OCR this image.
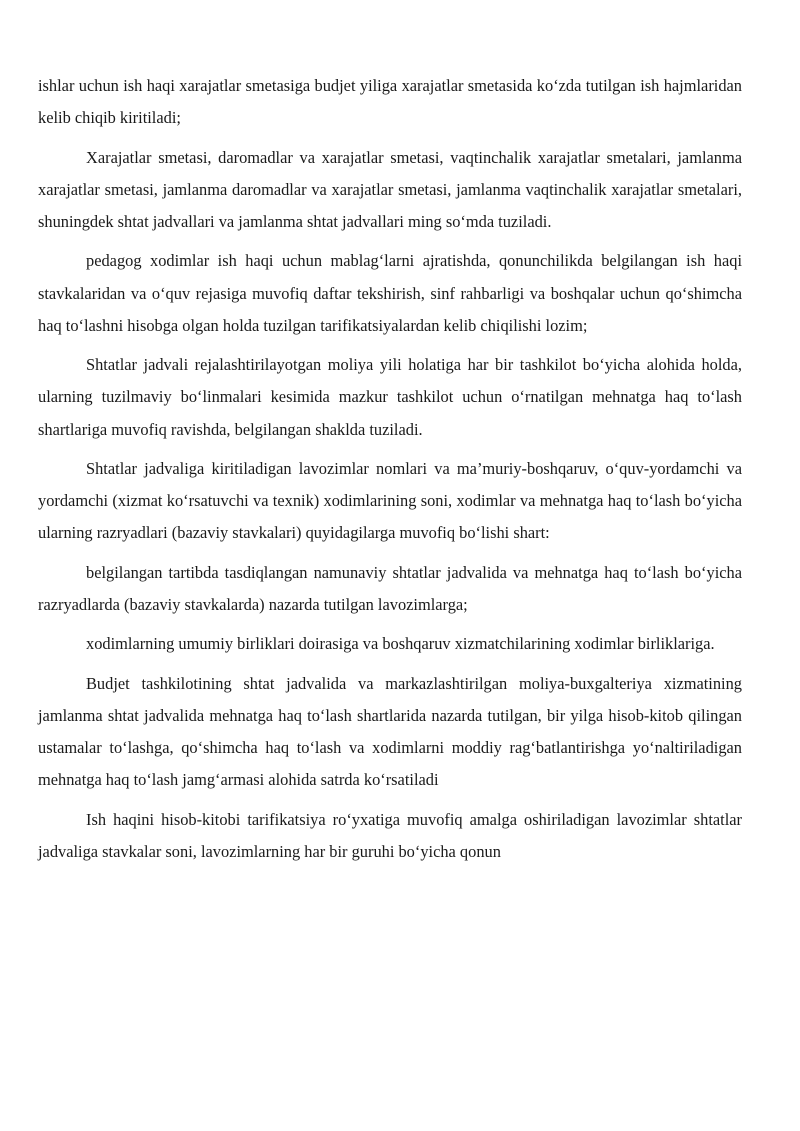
ishlar uchun ish haqi xarajatlar smetasiga budjet yiliga xarajatlar smetasida ko‘zda tutilgan ish hajmlaridan kelib chiqib kiritiladi;

Xarajatlar smetasi, daromadlar va xarajatlar smetasi, vaqtinchalik xarajatlar smetalari, jamlanma xarajatlar smetasi, jamlanma daromadlar va xarajatlar smetasi, jamlanma vaqtinchalik xarajatlar smetalari, shuningdek shtat jadvallari va jamlanma shtat jadvallari ming so‘mda tuziladi.

pedagog xodimlar ish haqi uchun mablag‘larni ajratishda, qonunchilikda belgilangan ish haqi stavkalaridan va o‘quv rejasiga muvofiq daftar tekshirish, sinf rahbarligi va boshqalar uchun qo‘shimcha haq to‘lashni hisobga olgan holda tuzilgan tarifikatsiyalardan kelib chiqilishi lozim;

Shtatlar jadvali rejalashtirilayotgan moliya yili holatiga har bir tashkilot bo‘yicha alohida holda, ularning tuzilmaviy bo‘linmalari kesimida mazkur tashkilot uchun o‘rnatilgan mehnatga haq to‘lash shartlariga muvofiq ravishda, belgilangan shaklda tuziladi.

Shtatlar jadvaliga kiritiladigan lavozimlar nomlari va ma’muriy-boshqaruv, o‘quv-yordamchi va yordamchi (xizmat ko‘rsatuvchi va texnik) xodimlarining soni, xodimlar va mehnatga haq to‘lash bo‘yicha ularning razryadlari (bazaviy stavkalari) quyidagilarga muvofiq bo‘lishi shart:

belgilangan tartibda tasdiqlangan namunaviy shtatlar jadvalida va mehnatga haq to‘lash bo‘yicha razryadlarda (bazaviy stavkalarda) nazarda tutilgan lavozimlarga;

xodimlarning umumiy birliklari doirasiga va boshqaruv xizmatchilarining xodimlar birliklariga.

Budjet tashkilotining shtat jadvalida va markazlashtirilgan moliya-buxgalteriya xizmatining jamlanma shtat jadvalida mehnatga haq to‘lash shartlarida nazarda tutilgan, bir yilga hisob-kitob qilingan ustamalar to‘lashga, qo‘shimcha haq to‘lash va xodimlarni moddiy rag‘batlantirishga yo‘naltiriladigan mehnatga haq to‘lash jamg‘armasi alohida satrda ko‘rsatiladi

Ish haqini hisob-kitobi tarifikatsiya ro‘yxatiga muvofiq amalga oshiriladigan lavozimlar shtatlar jadvaliga stavkalar soni, lavozimlarning har bir guruhi bo‘yicha qonun
